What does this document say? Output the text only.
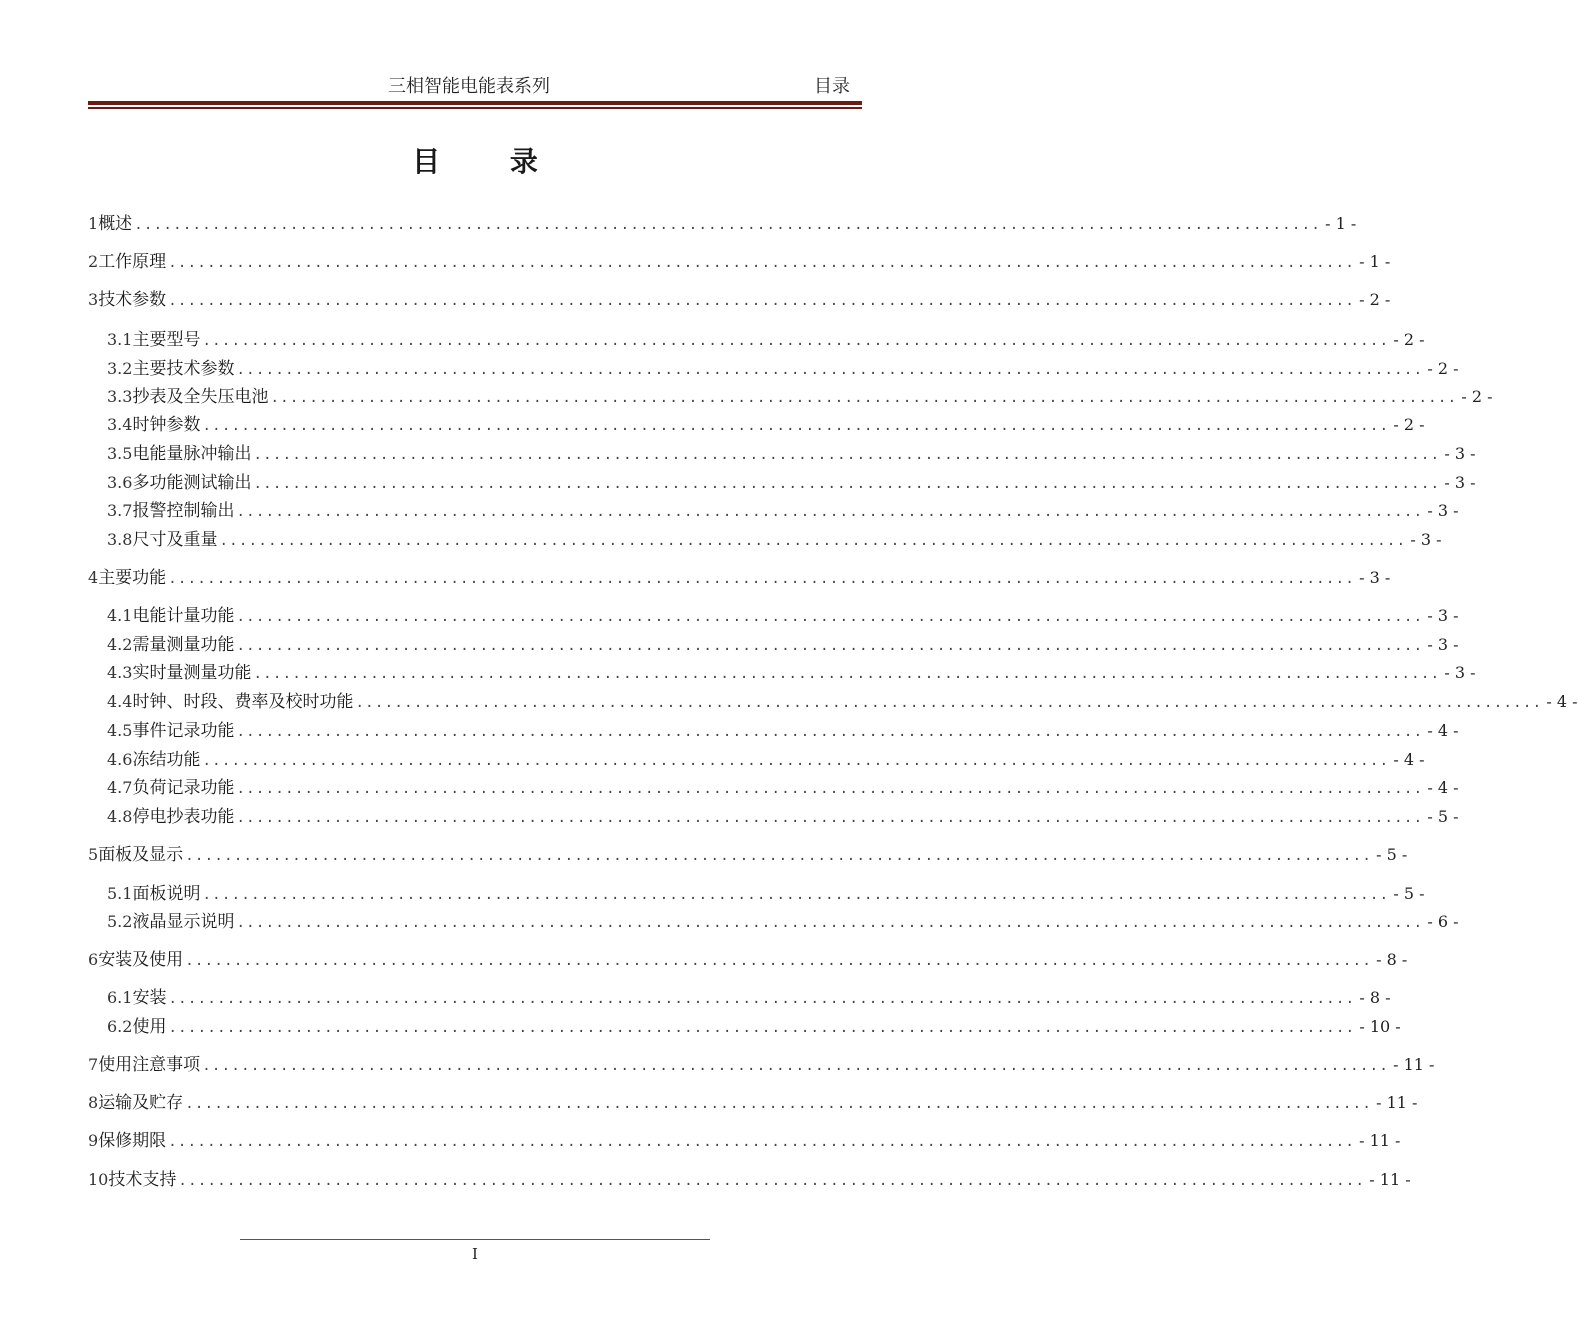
三相智能电能表系列	目录
目 录
1 概述 .......................................................................................................................... - 1 -
2 工作原理 .......................................................................................................................... - 1 -
3 技术参数 .......................................................................................................................... - 2 -
3.1 主要型号 .......................................................................................................................... - 2 -
3.2 主要技术参数 .......................................................................................................................... - 2 -
3.3 抄表及全失压电池 .......................................................................................................................... - 2 -
3.4 时钟参数 .......................................................................................................................... - 2 -
3.5 电能量脉冲输出 .......................................................................................................................... - 3 -
3.6 多功能测试输出 .......................................................................................................................... - 3 -
3.7 报警控制输出 .......................................................................................................................... - 3 -
3.8 尺寸及重量 .......................................................................................................................... - 3 -
4 主要功能 .......................................................................................................................... - 3 -
4.1 电能计量功能 .......................................................................................................................... - 3 -
4.2 需量测量功能 .......................................................................................................................... - 3 -
4.3 实时量测量功能 .......................................................................................................................... - 3 -
4.4 时钟、时段、费率及校时功能 .......................................................................................................................... - 4 -
4.5 事件记录功能 .......................................................................................................................... - 4 -
4.6 冻结功能 .......................................................................................................................... - 4 -
4.7 负荷记录功能 .......................................................................................................................... - 4 -
4.8 停电抄表功能 .......................................................................................................................... - 5 -
5 面板及显示 .......................................................................................................................... - 5 -
5.1 面板说明 .......................................................................................................................... - 5 -
5.2 液晶显示说明 .......................................................................................................................... - 6 -
6 安装及使用 .......................................................................................................................... - 8 -
6.1 安装 .......................................................................................................................... - 8 -
6.2 使用 .......................................................................................................................... - 10 -
7 使用注意事项 .......................................................................................................................... - 11 -
8 运输及贮存 .......................................................................................................................... - 11 -
9 保修期限 .......................................................................................................................... - 11 -
10 技术支持 .......................................................................................................................... - 11 -
I
